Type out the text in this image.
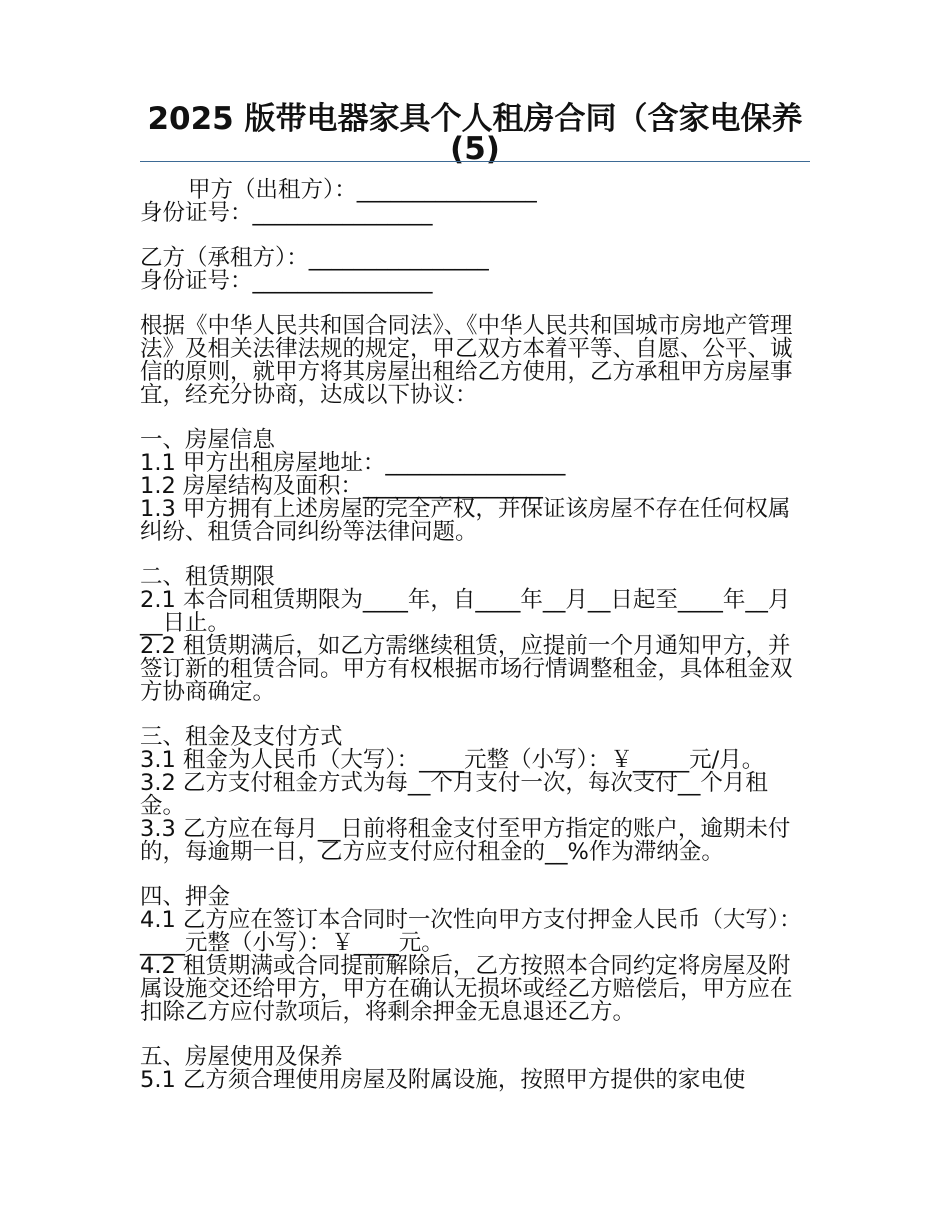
2025 版带电器家具个人租房合同（含家电保养(5)

甲方（出租方）：________________

身份证号：________________

乙方（承租方）：________________

身份证号：________________

根据《中华人民共和国合同法》、《中华人民共和国城市房地产管理法》及相关法律法规的规定，甲乙双方本着平等、自愿、公平、诚信的原则，就甲方将其房屋出租给乙方使用，乙方承租甲方房屋事宜，经充分协商，达成以下协议：

一、房屋信息

1.1 甲方出租房屋地址：________________

1.2 房屋结构及面积：________________

1.3 甲方拥有上述房屋的完全产权，并保证该房屋不存在任何权属纠纷、租赁合同纠纷等法律问题。

二、租赁期限

2.1 本合同租赁期限为____年，自____年__月__日起至____年__月__日止。

2.2 租赁期满后，如乙方需继续租赁，应提前一个月通知甲方，并签订新的租赁合同。甲方有权根据市场行情调整租金，具体租金双方协商确定。

三、租金及支付方式

3.1 租金为人民币（大写）：____元整（小写）：￥_____元/月。

3.2 乙方支付租金方式为每__个月支付一次，每次支付__个月租金。

3.3 乙方应在每月__日前将租金支付至甲方指定的账户，逾期未付的，每逾期一日，乙方应支付应付租金的__%作为滞纳金。

四、押金

4.1 乙方应在签订本合同时一次性向甲方支付押金人民币（大写）：____元整（小写）：￥____元。

4.2 租赁期满或合同提前解除后，乙方按照本合同约定将房屋及附属设施交还给甲方，甲方在确认无损坏或经乙方赔偿后，甲方应在扣除乙方应付款项后，将剩余押金无息退还乙方。

五、房屋使用及保养

5.1 乙方须合理使用房屋及附属设施，按照甲方提供的家电使
